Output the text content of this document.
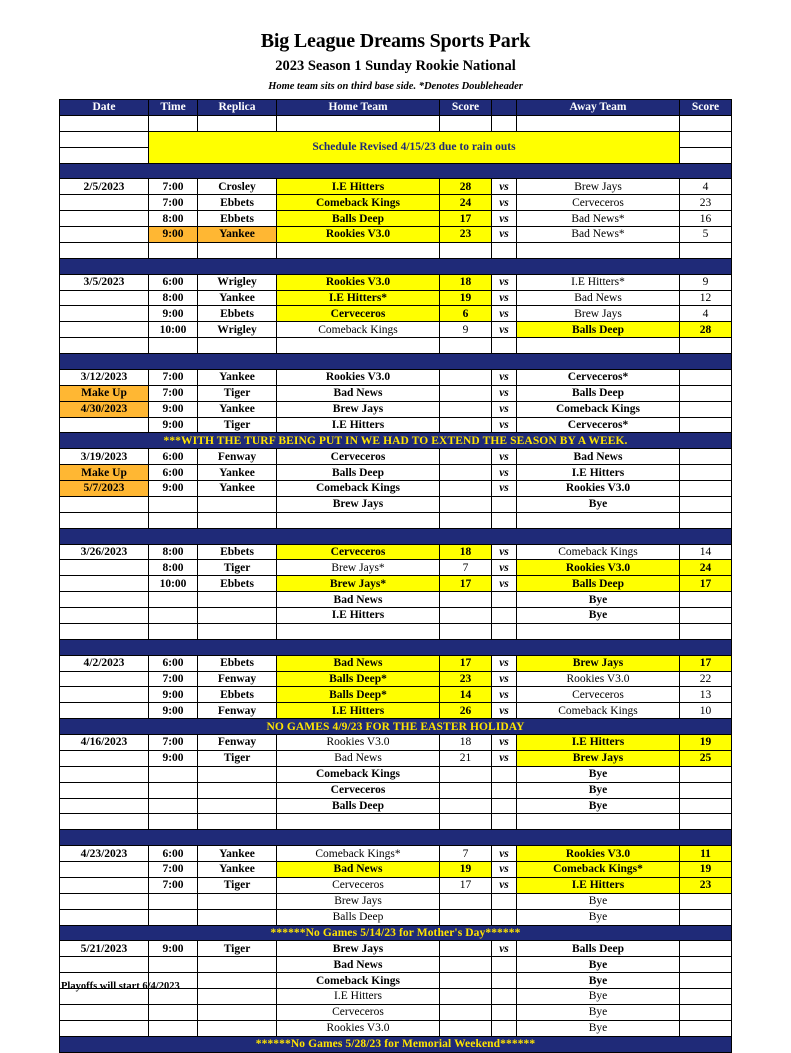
Big League Dreams Sports Park
2023 Season 1 Sunday Rookie National
Home team sits on third base side. *Denotes Doubleheader
Date	Time	Replica	Home Team	Score		Away Team	Score

	Schedule Revised 4/15/23 due to rain outs						

2/5/2023	7:00	Crosley	I.E Hitters	28	vs	Brew Jays	4
	7:00	Ebbets	Comeback Kings	24	vs	Cerveceros	23
	8:00	Ebbets	Balls Deep	17	vs	Bad News*	16
	9:00	Yankee	Rookies V3.0	23	vs	Bad News*	5

3/5/2023	6:00	Wrigley	Rookies V3.0	18	vs	I.E Hitters*	9
	8:00	Yankee	I.E Hitters*	19	vs	Bad News	12
	9:00	Ebbets	Cerveceros	6	vs	Brew Jays	4
	10:00	Wrigley	Comeback Kings	9	vs	Balls Deep	28

3/12/2023	7:00	Yankee	Rookies V3.0		vs	Cerveceros*	
Make Up	7:00	Tiger	Bad News		vs	Balls Deep	
4/30/2023	9:00	Yankee	Brew Jays		vs	Comeback Kings	
	9:00	Tiger	I.E Hitters		vs	Cerveceros*	
***WITH THE TURF BEING PUT IN WE HAD TO EXTEND THE SEASON BY A WEEK.							
3/19/2023	6:00	Fenway	Cerveceros		vs	Bad News	
Make Up	6:00	Yankee	Balls Deep		vs	I.E Hitters	
5/7/2023	9:00	Yankee	Comeback Kings		vs	Rookies V3.0	
			Brew Jays			Bye	

3/26/2023	8:00	Ebbets	Cerveceros	18	vs	Comeback Kings	14
	8:00	Tiger	Brew Jays*	7	vs	Rookies V3.0	24
	10:00	Ebbets	Brew Jays*	17	vs	Balls Deep	17
			Bad News			Bye	
			I.E Hitters			Bye	

4/2/2023	6:00	Ebbets	Bad News	17	vs	Brew Jays	17
	7:00	Fenway	Balls Deep*	23	vs	Rookies V3.0	22
	9:00	Ebbets	Balls Deep*	14	vs	Cerveceros	13
	9:00	Fenway	I.E Hitters	26	vs	Comeback Kings	10
NO GAMES 4/9/23 FOR THE EASTER HOLIDAY							
4/16/2023	7:00	Fenway	Rookies V3.0	18	vs	I.E Hitters	19
	9:00	Tiger	Bad News	21	vs	Brew Jays	25
			Comeback Kings			Bye	
			Cerveceros			Bye	
			Balls Deep			Bye	

4/23/2023	6:00	Yankee	Comeback Kings*	7	vs	Rookies V3.0	11
	7:00	Yankee	Bad News	19	vs	Comeback Kings*	19
	7:00	Tiger	Cerveceros	17	vs	I.E Hitters	23
			Brew Jays			Bye	
			Balls Deep			Bye	
******No Games 5/14/23 for Mother's Day******							
5/21/2023	9:00	Tiger	Brew Jays		vs	Balls Deep	
			Bad News			Bye	
			Comeback Kings			Bye	
			I.E Hitters			Bye	
			Cerveceros			Bye	
			Rookies V3.0			Bye	
******No Games 5/28/23 for Memorial Weekend******							
Playoffs will start 6/4/2023
